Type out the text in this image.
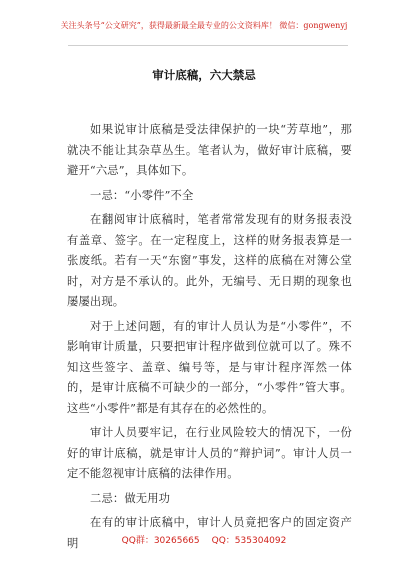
关注头条号“公文研究”，获得最新最全最专业的公文资料库！ 微信：gongwenyj
审计底稿，六大禁忌

如果说审计底稿是受法律保护的一块“芳草地”，那就决不能让其杂草丛生。笔者认为，做好审计底稿，要避开“六忌”，具体如下。

一忌：“小零件”不全

在翻阅审计底稿时，笔者常常发现有的财务报表没有盖章、签字。在一定程度上，这样的财务报表算是一张废纸。若有一天“东窗”事发，这样的底稿在对簿公堂时，对方是不承认的。此外，无编号、无日期的现象也屡屡出现。

对于上述问题，有的审计人员认为是“小零件”，不影响审计质量，只要把审计程序做到位就可以了。殊不知这些签字、盖章、编号等，是与审计程序浑然一体的，是审计底稿不可缺少的一部分，“小零件”管大事。这些“小零件”都是有其存在的必然性的。

审计人员要牢记，在行业风险较大的情况下，一份好的审计底稿，就是审计人员的“辩护词”。审计人员一定不能忽视审计底稿的法律作用。

二忌：做无用功

在有的审计底稿中，审计人员竟把客户的固定资产明	QQ群：30265665 QQ：535304092
